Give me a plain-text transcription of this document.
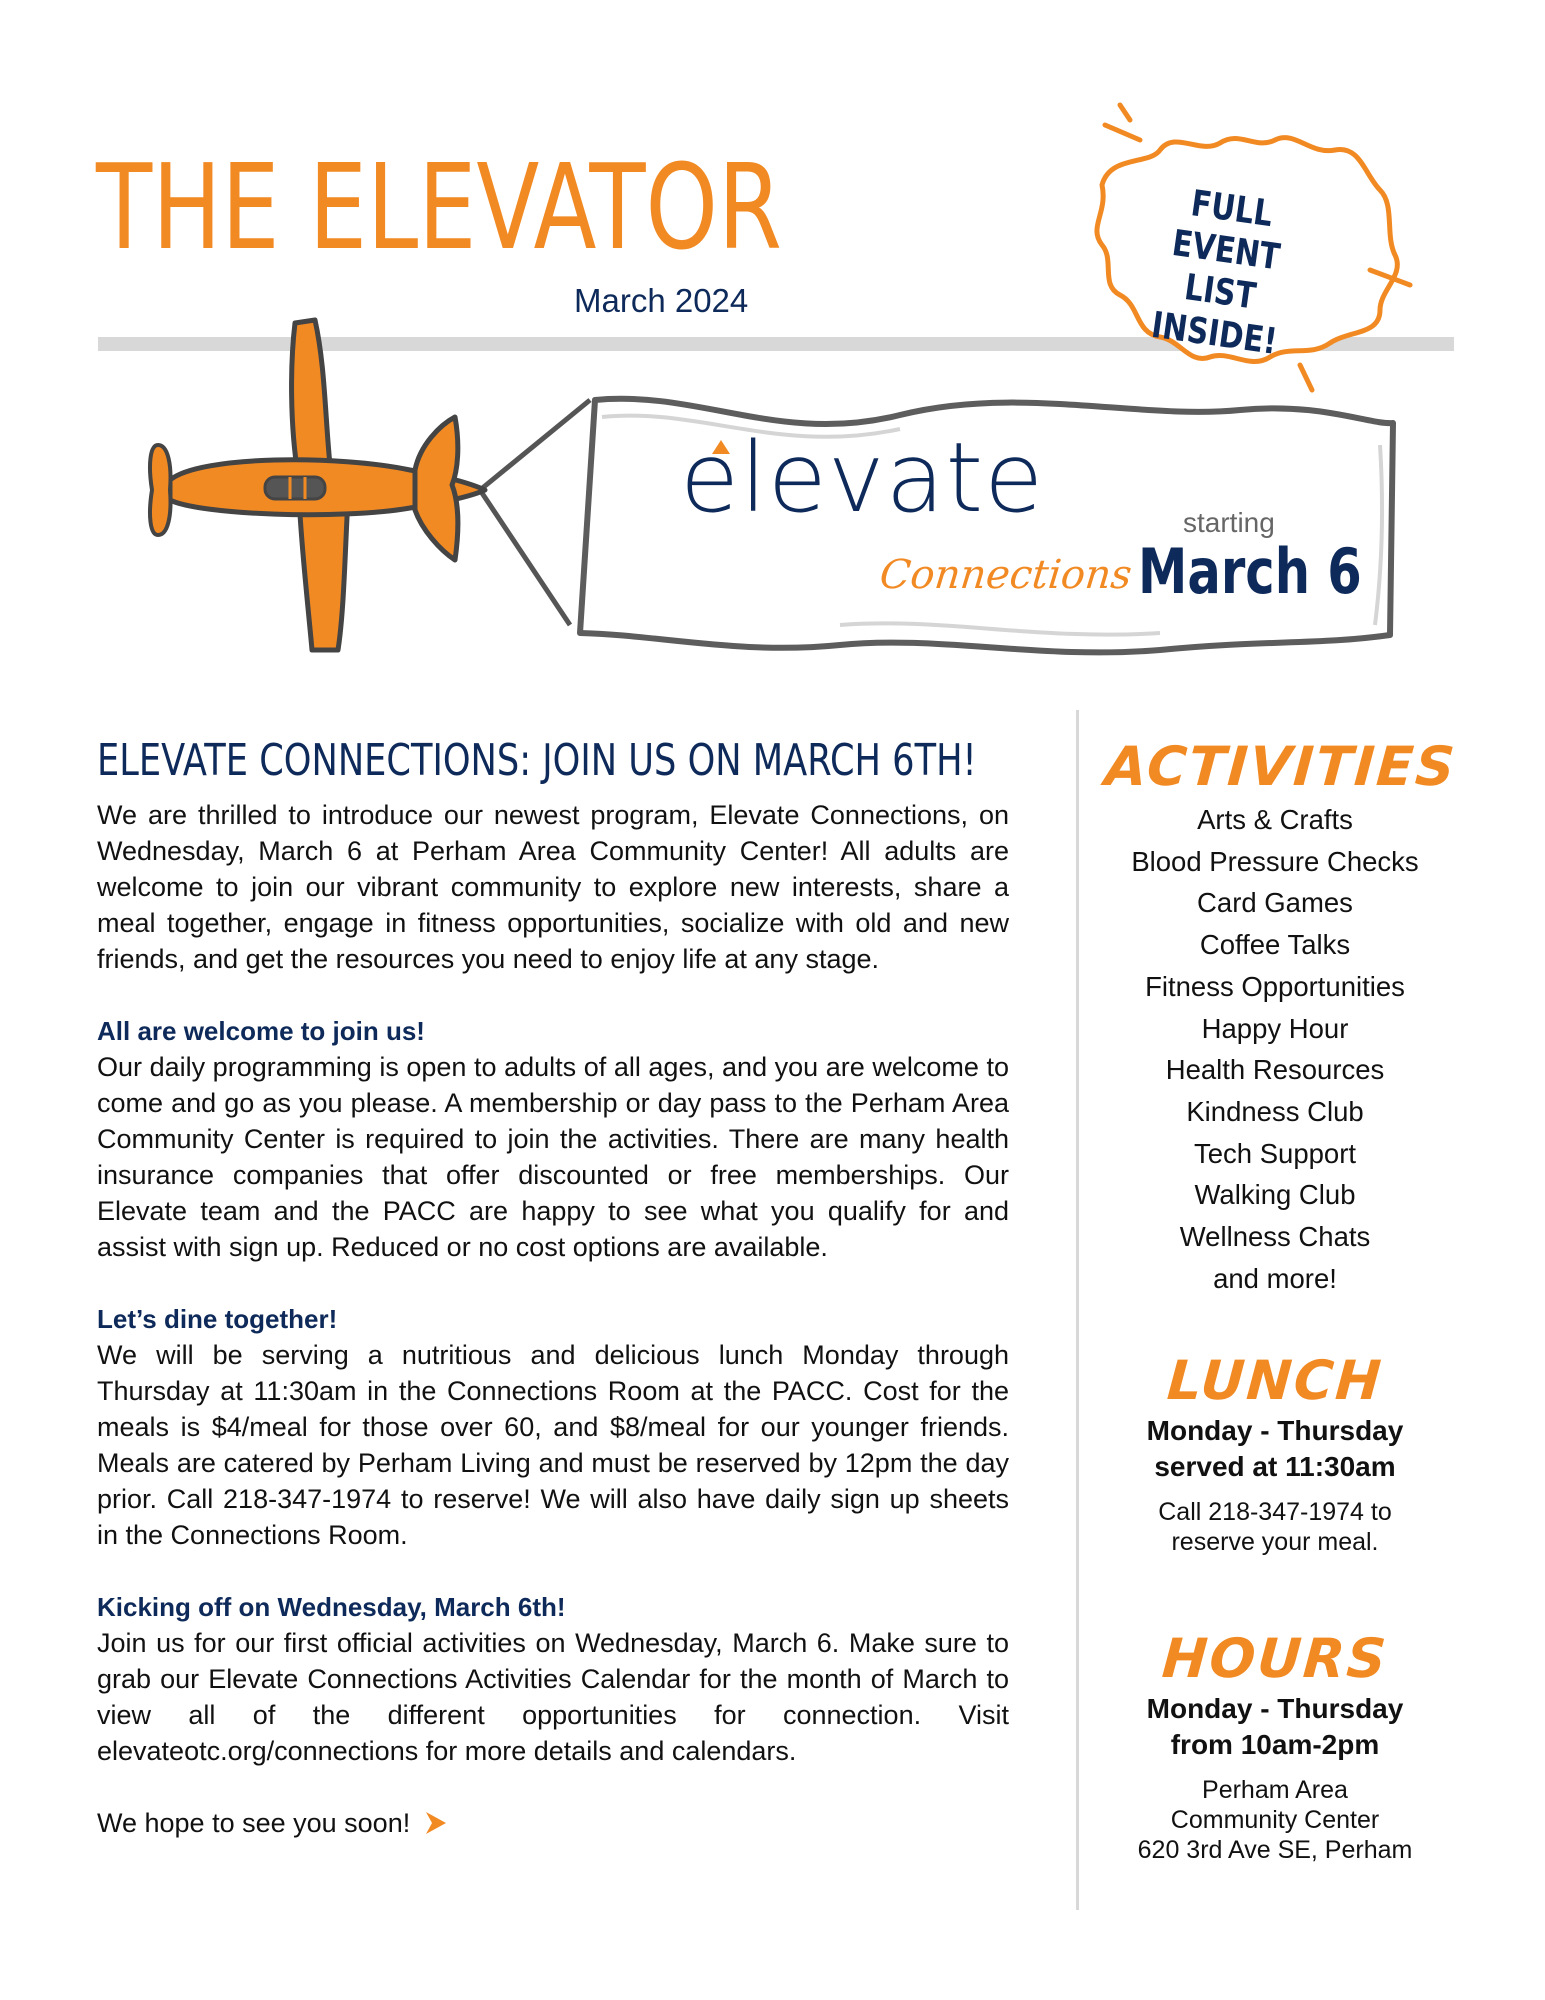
THE ELEVATOR
March 2024
FULL EVENT
LIST INSIDE!
elevate
Connections
starting
March 6
ELEVATE CONNECTIONS: JOIN US ON MARCH 6TH!

We are thrilled to introduce our newest program, Elevate Connections, on Wednesday, March 6 at Perham Area Community Center! All adults are welcome to join our vibrant community to explore new interests, share a meal together, engage in fitness opportunities, socialize with old and new friends, and get the resources you need to enjoy life at any stage.

All are welcome to join us!

Our daily programming is open to adults of all ages, and you are welcome to come and go as you please. A membership or day pass to the Perham Area Community Center is required to join the activities. There are many health insurance companies that offer discounted or free memberships. Our Elevate team and the PACC are happy to see what you qualify for and assist with sign up. Reduced or no cost options are available.

Let’s dine together!

We will be serving a nutritious and delicious lunch Monday through Thursday at 11:30am in the Connections Room at the PACC. Cost for the meals is $4/meal for those over 60, and $8/meal for our younger friends. Meals are catered by Perham Living and must be reserved by 12pm the day prior. Call 218-347-1974 to reserve! We will also have daily sign up sheets in the Connections Room.

Kicking off on Wednesday, March 6th!

Join us for our first official activities on Wednesday, March 6. Make sure to grab our Elevate Connections Activities Calendar for the month of March to view all of the different opportunities for connection. Visit elevateotc.org/connections for more details and calendars.

We hope to see you soon!
ACTIVITIES
Arts & Crafts
Blood Pressure Checks
Card Games
Coffee Talks
Fitness Opportunities
Happy Hour
Health Resources
Kindness Club
Tech Support
Walking Club
Wellness Chats
and more!
LUNCH
Monday - Thursday
served at 11:30am
Call 218-347-1974 to
reserve your meal.
HOURS
Monday - Thursday
from 10am-2pm
Perham Area
Community Center
620 3rd Ave SE, Perham
